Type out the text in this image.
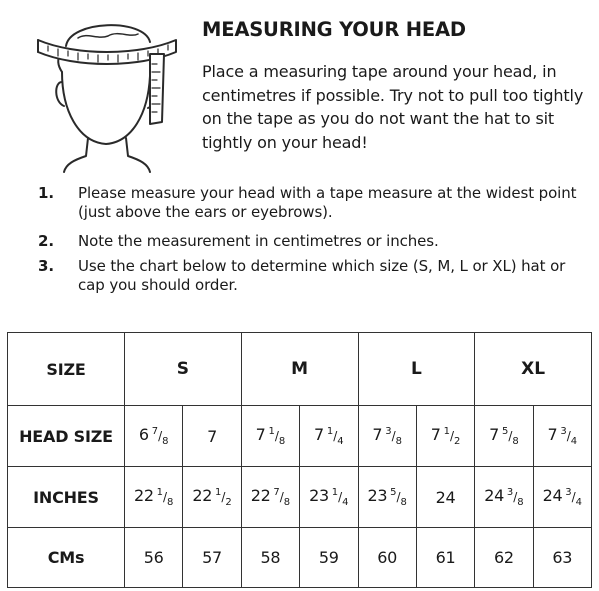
MEASURING YOUR HEAD

Place a measuring tape around your head, in centimetres if possible. Try not to pull too tightly on the tape as you do not want the hat to sit tightly on your head!

1. Please measure your head with a tape measure at the widest point (just above the ears or eyebrows).
2. Note the measurement in centimetres or inches.
3. Use the chart below to determine which size (S, M, L or XL) hat or cap you should order.
SIZE	S		M		L		XL	
HEAD SIZE	6  7/8	7	7  1/8	7  1/4	7  3/8	7  1/2	7  5/8	7  3/4
INCHES	22  1/8	22  1/2	22  7/8	23  1/4	23  5/8	24	24  3/8	24  3/4
CMs	56	57	58	59	60	61	62	63
